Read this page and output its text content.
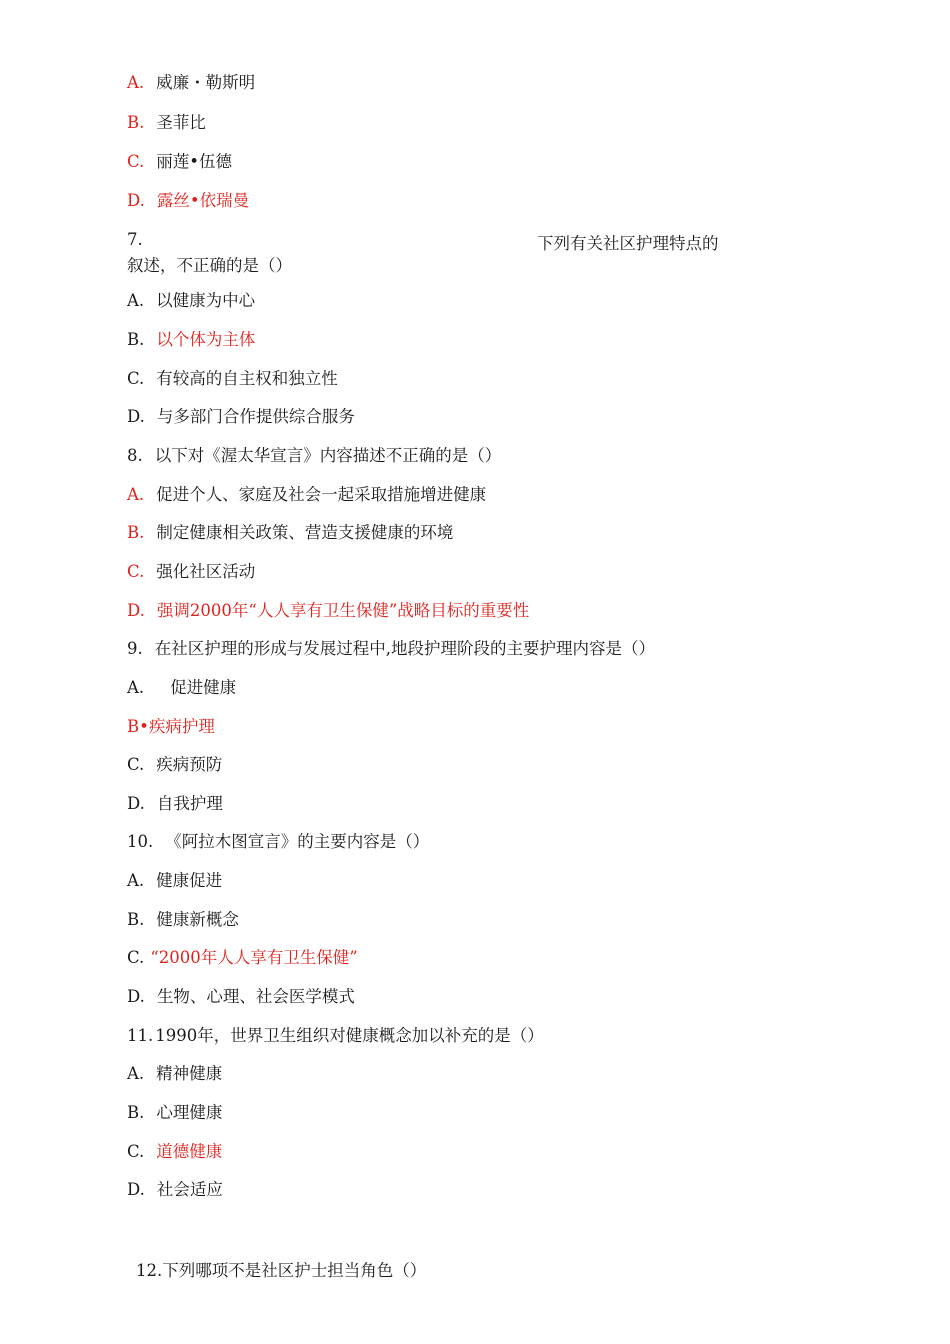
A. 威廉・勒斯明
B. 圣菲比
C. 丽莲•伍德
D. 露丝•依瑞曼
7.	下列有关社区护理特点的
叙述，不正确的是（）
A. 以健康为中心
B. 以个体为主体
C. 有较高的自主权和独立性
D. 与多部门合作提供综合服务
8. 以下对《渥太华宣言》内容描述不正确的是（）
A. 促进个人、家庭及社会一起采取措施增进健康
B. 制定健康相关政策、营造支援健康的环境
C. 强化社区活动
D. 强调2000年“人人享有卫生保健”战略目标的重要性
9. 在社区护理的形成与发展过程中,地段护理阶段的主要护理内容是（）
A. 促进健康
B•疾病护理
C. 疾病预防
D. 自我护理
10. 《阿拉木图宣言》的主要内容是（）
A. 健康促进
B. 健康新概念
C. “2000年人人享有卫生保健”
D. 生物、心理、社会医学模式
11. 1990年，世界卫生组织对健康概念加以补充的是（）
A. 精神健康
B. 心理健康
C. 道德健康
D. 社会适应
12.下列哪项不是社区护士担当角色（）
